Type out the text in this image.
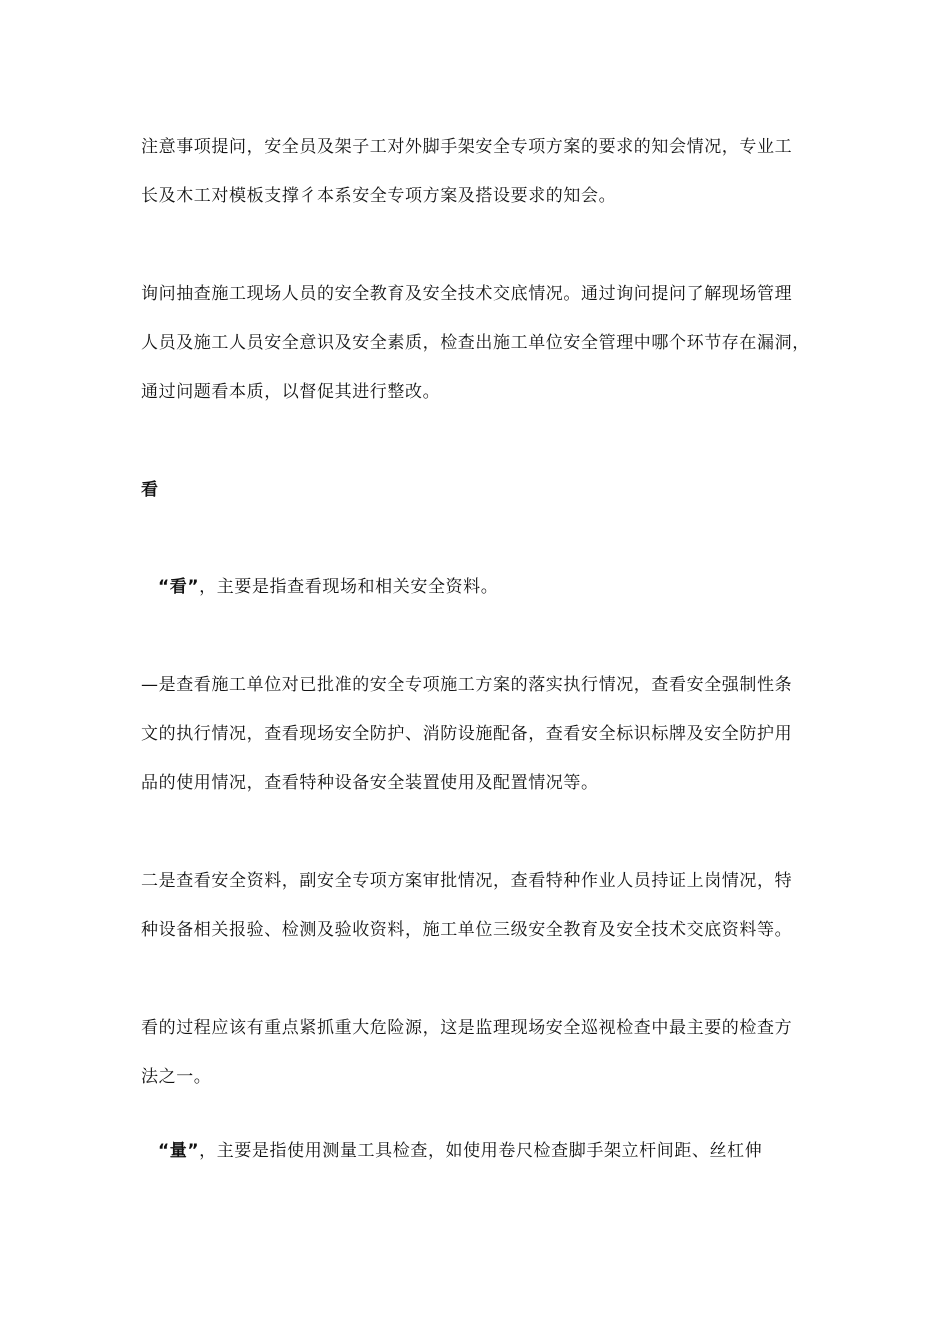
注意事项提问，安全员及架子工对外脚手架安全专项方案的要求的知会情况，专业工
长及木工对模板支撑彳本系安全专项方案及搭设要求的知会。
询问抽查施工现场人员的安全教育及安全技术交底情况。通过询问提问了解现场管理
人员及施工人员安全意识及安全素质，检查出施工单位安全管理中哪个环节存在漏洞，
通过问题看本质，以督促其进行整改。
看
“看”，主要是指查看现场和相关安全资料。
—是查看施工单位对已批准的安全专项施工方案的落实执行情况，查看安全强制性条
文的执行情况，查看现场安全防护、消防设施配备，查看安全标识标牌及安全防护用
品的使用情况，查看特种设备安全装置使用及配置情况等。
二是查看安全资料，副安全专项方案审批情况，查看特种作业人员持证上岗情况，特
种设备相关报验、检测及验收资料，施工单位三级安全教育及安全技术交底资料等。
看的过程应该有重点紧抓重大危险源，这是监理现场安全巡视检查中最主要的检查方
法之一。
“量”，主要是指使用测量工具检查，如使用卷尺检查脚手架立杆间距、丝杠伸
